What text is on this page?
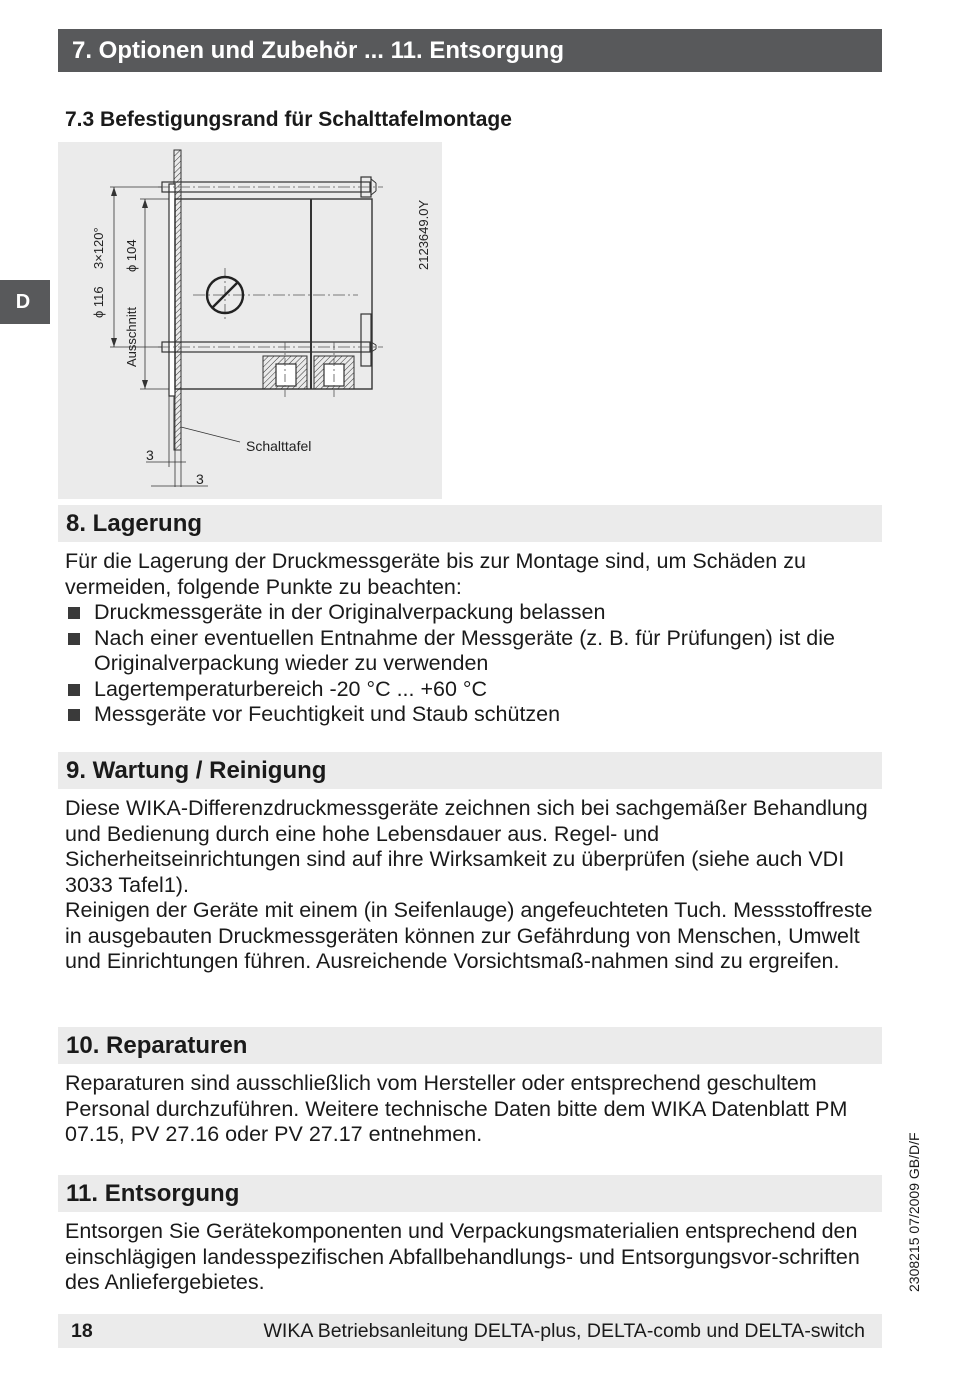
7. Optionen und Zubehör ... 11. Entsorgung
D
7.3 Befestigungsrand für Schalttafelmontage
ϕ 116
3×120° ϕ 104
Ausschnitt
2123649.0Y
3
3
Schalttafel
8. Lagerung

Für die Lagerung der Druckmessgeräte bis zur Montage sind, um Schäden zu vermeiden, folgende Punkte zu beachten:

Druckmessgeräte in der Originalverpackung belassen
Nach einer eventuellen Entnahme der Messgeräte (z. B. für Prüfungen) ist die Originalverpackung wieder zu verwenden
Lagertemperaturbereich -20 °C ... +60 °C
Messgeräte vor Feuchtigkeit und Staub schützen
9. Wartung / Reinigung

Diese WIKA-Differenzdruckmessgeräte zeichnen sich bei sachgemäßer Behandlung und Bedienung durch eine hohe Lebensdauer aus. Regel- und Sicherheitseinrichtungen sind auf ihre Wirksamkeit zu überprüfen (siehe auch VDI 3033 Tafel1).

Reinigen der Geräte mit einem (in Seifenlauge) angefeuchteten Tuch. Messstoffreste in ausgebauten Druckmessgeräten können zur Gefährdung von Menschen, Umwelt und Einrichtungen führen. Ausreichende Vorsichtsmaß-nahmen sind zu ergreifen.

10. Reparaturen

Reparaturen sind ausschließlich vom Hersteller oder entsprechend geschultem Personal durchzuführen. Weitere technische Daten bitte dem WIKA Datenblatt PM 07.15, PV 27.16 oder PV 27.17 entnehmen.

11. Entsorgung

Entsorgen Sie Gerätekomponenten und Verpackungsmaterialien entsprechend den einschlägigen landesspezifischen Abfallbehandlungs- und Entsorgungsvor-schriften des Anliefergebietes.	2308215 07/2009 GB/D/F
18	WIKA Betriebsanleitung DELTA-plus, DELTA-comb und DELTA-switch
